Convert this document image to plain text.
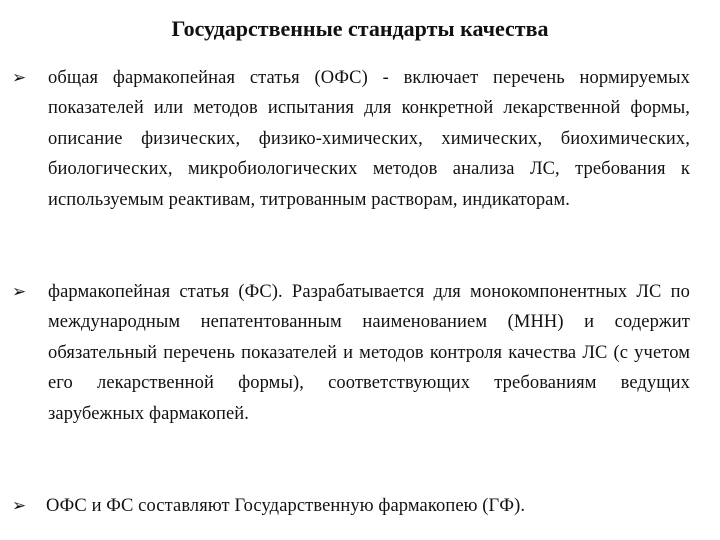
Государственные стандарты качества
➢ общая фармакопейная статья (ОФС) - включает перечень нормируемых показателей или методов испытания для конкретной лекарственной формы, описание физических, физико-химических, химических, биохимических, биологических, микробиологических методов анализа ЛС, требования к используемым реактивам, титрованным растворам, индикаторам.
➢ фармакопейная статья (ФС). Разрабатывается для монокомпонентных ЛС по международным непатентованным наименованием (МНН) и содержит обязательный перечень показателей и методов контроля качества ЛС (с учетом его лекарственной формы), соответствующих требованиям ведущих зарубежных фармакопей.
➢ ОФС и ФС составляют Государственную фармакопею (ГФ).
